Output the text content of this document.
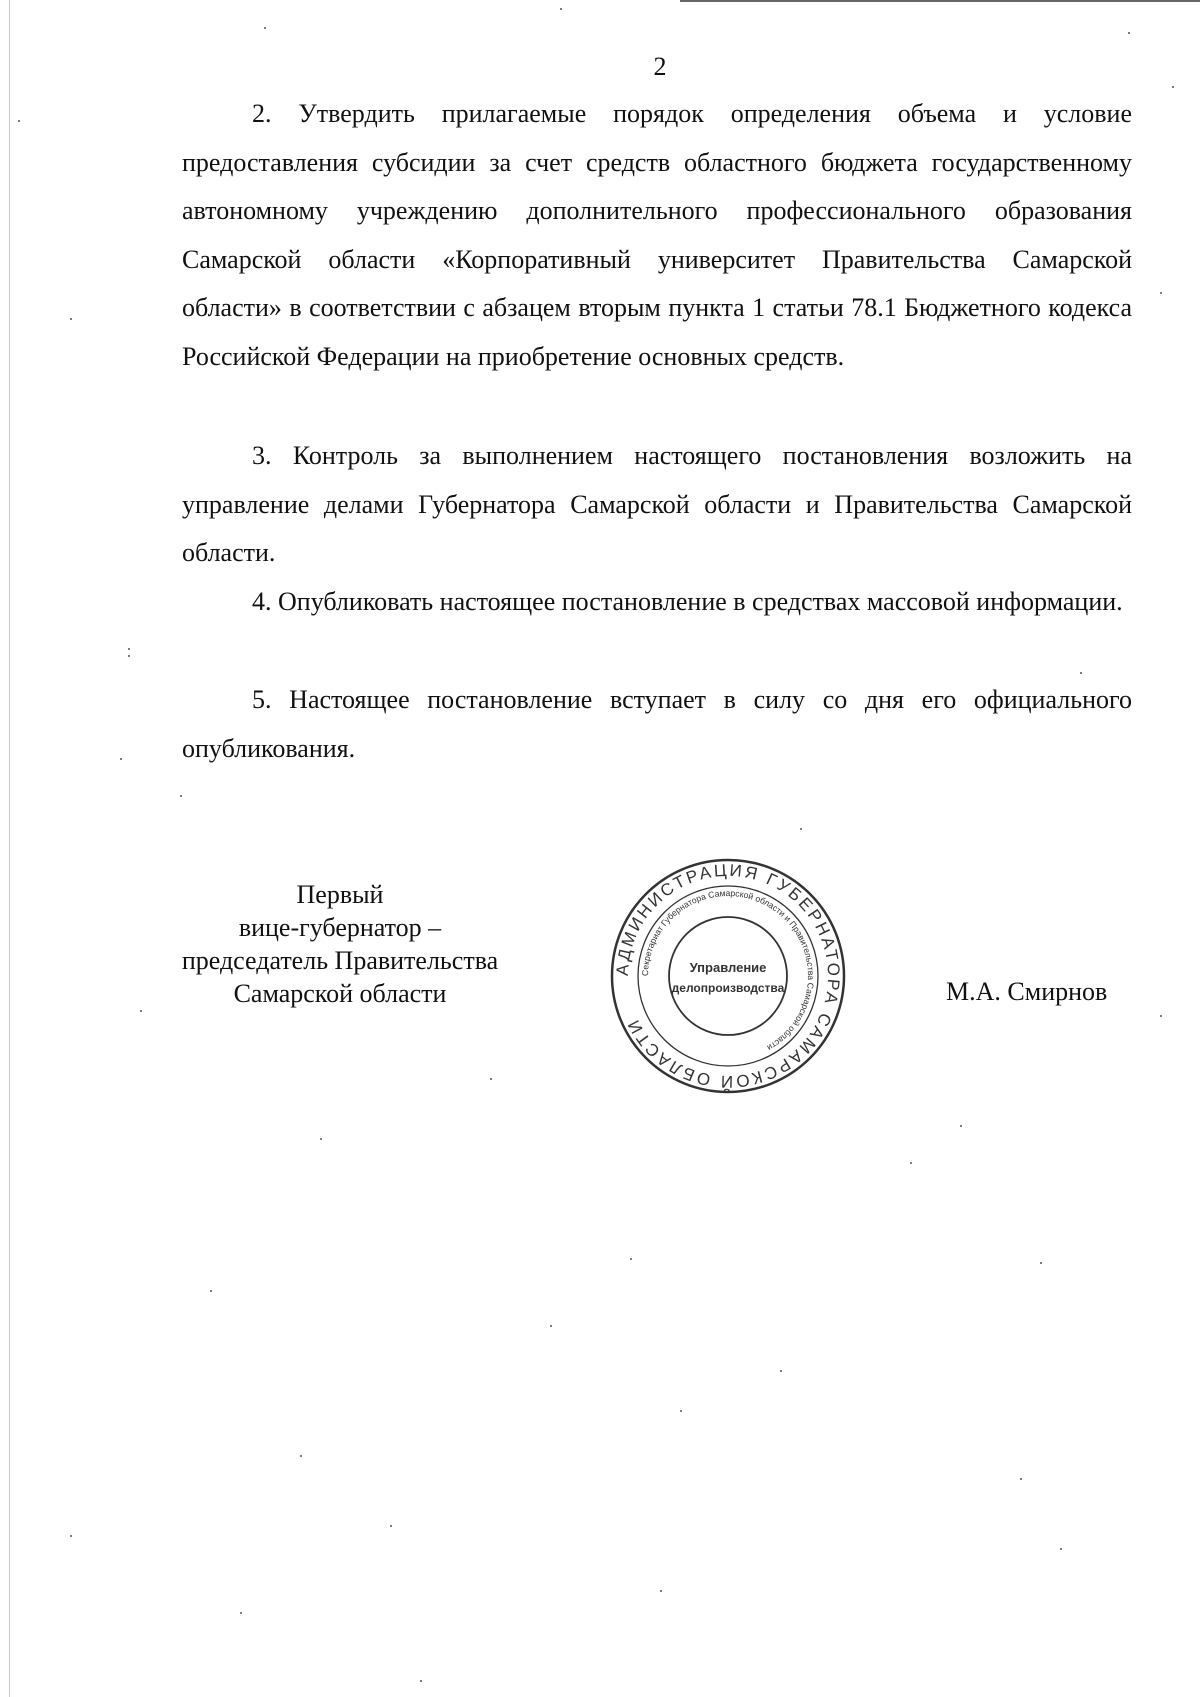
2

2. Утвердить прилагаемые порядок определения объема и условие предоставления субсидии за счет средств областного бюджета государственному автономному учреждению дополнительного профессионального образования Самарской области «Корпоративный университет Правительства Самарской области» в соответствии с абзацем вторым пункта 1 статьи 78.1 Бюджетного кодекса Российской Федерации на приобретение основных средств.

3. Контроль за выполнением настоящего постановления возложить на управление делами Губернатора Самарской области и Правительства Самарской области.

4. Опубликовать настоящее постановление в средствах массовой информации.

5. Настоящее постановление вступает в силу со дня его официального опубликования.

Первый
вице-губернатор –
председатель Правительства
Самарской области
АДМИНИСТРАЦИЯ ГУБЕРНАТОРА САМАРСКОЙ ОБЛАСТИ
Секретариат Губернатора Самарской области и Правительства Самарской области
Управление
делопроизводства	М.А. Смирнов
